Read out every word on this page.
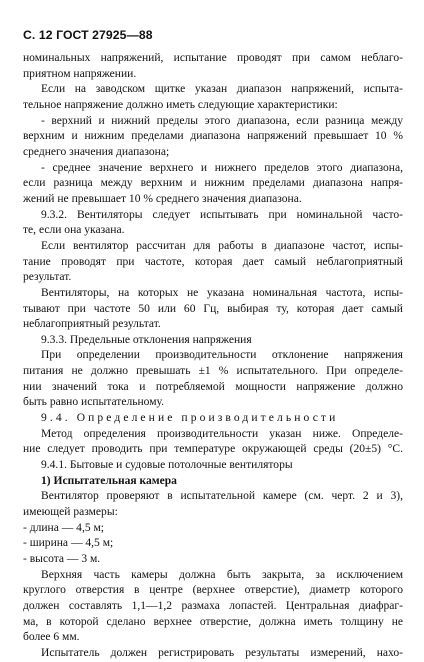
С. 12 ГОСТ 27925—88
номинальных напряжений, испытание проводят при самом неблаго-
приятном напряжении.
Если на заводском щитке указан диапазон напряжений, испыта-
тельное напряжение должно иметь следующие характеристики:
- верхний и нижний пределы этого диапазона, если разница между
верхним и нижним пределами диапазона напряжений превышает 10 %
среднего значения диапазона;
- среднее значение верхнего и нижнего пределов этого диапазона,
если разница между верхним и нижним пределами диапазона напря-
жений не превышает 10 % среднего значения диапазона.
9.3.2. Вентиляторы следует испытывать при номинальной часто-
те, если она указана.
Если вентилятор рассчитан для работы в диапазоне частот, испы-
тание проводят при частоте, которая дает самый неблагоприятный
результат.
Вентиляторы, на которых не указана номинальная частота, испы-
тывают при частоте 50 или 60 Гц, выбирая ту, которая дает самый
неблагоприятный результат.
9.3.3. Предельные отклонения напряжения
При определении производительности отклонение напряжения
питания не должно превышать ±1 % испытательного. При определе-
нии значений тока и потребляемой мощности напряжение должно
быть равно испытательному.
9.4. Определение производительности
Метод определения производительности указан ниже. Определе-
ние следует проводить при температуре окружающей среды (20±5) °С.
9.4.1. Бытовые и судовые потолочные вентиляторы
1) Испытательная камера
Вентилятор проверяют в испытательной камере (см. черт. 2 и 3),
имеющей размеры:
- длина — 4,5 м;
- ширина — 4,5 м;
- высота — 3 м.
Верхняя часть камеры должна быть закрыта, за исключением
круглого отверстия в центре (верхнее отверстие), диаметр которого
должен составлять 1,1—1,2 размаха лопастей. Центральная диафраг-
ма, в которой сделано верхнее отверстие, должна иметь толщину не
более 6 мм.
Испытатель должен регистрировать результаты измерений, нахо-
